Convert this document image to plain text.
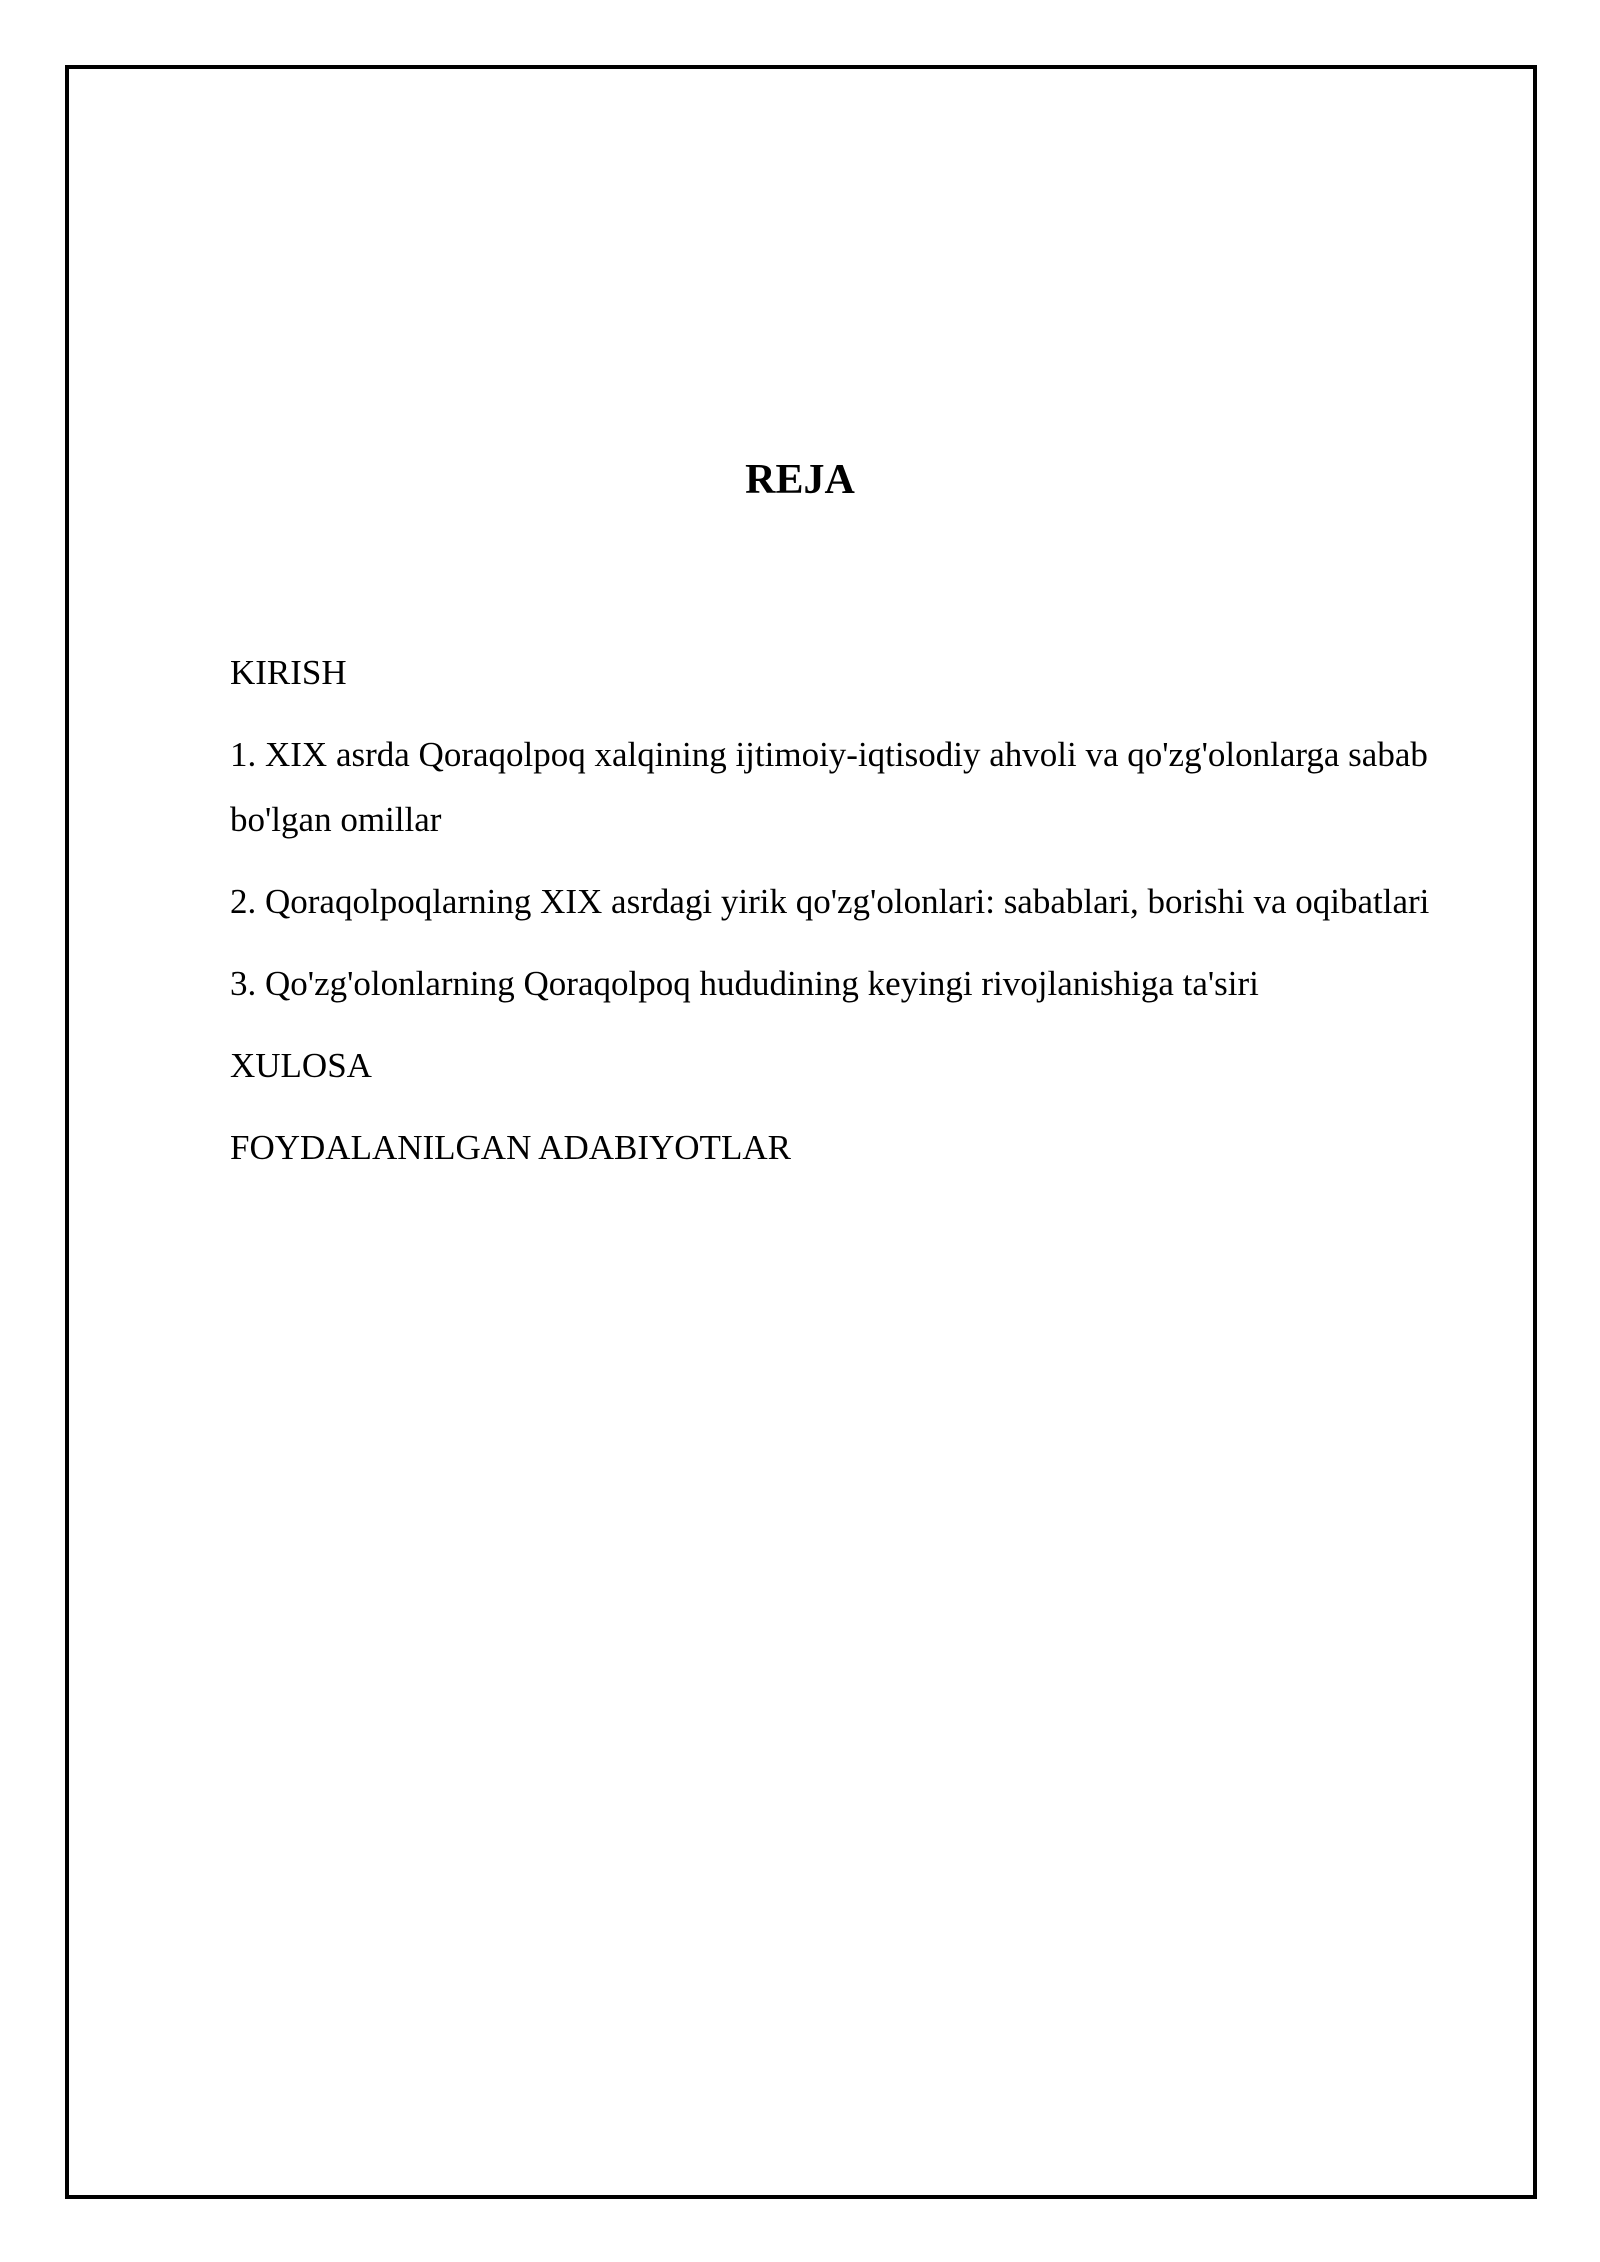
REJA
KIRISH
1. XIX asrda Qoraqolpoq xalqining ijtimoiy-iqtisodiy ahvoli va qo'zg'olonlarga sabab bo'lgan omillar
2. Qoraqolpoqlarning XIX asrdagi yirik qo'zg'olonlari: sabablari, borishi va oqibatlari
3. Qo'zg'olonlarning Qoraqolpoq hududining keyingi rivojlanishiga ta'siri
XULOSA
FOYDALANILGAN ADABIYOTLAR
